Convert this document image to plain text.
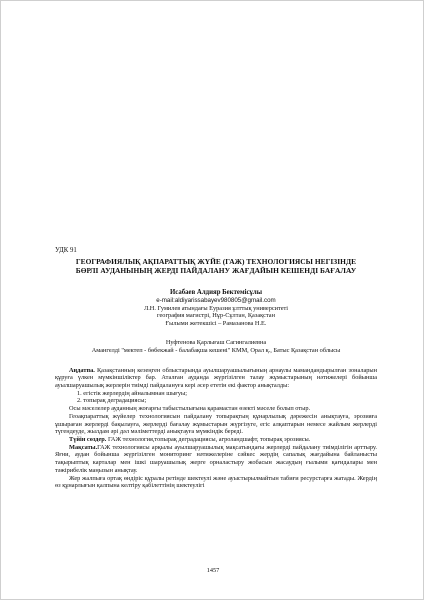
УДК 91
ГЕОГРАФИЯЛЫҚ АҚПАРАТТЫҚ ЖҮЙЕ (ГАЖ) ТЕХНОЛОГИЯСЫ НЕГІЗІНДЕ
БӨРЛІ АУДАНЫНЫҢ ЖЕРДІ ПАЙДАЛАНУ ЖАҒДАЙЫН КЕШЕНДІ БАҒАЛАУ
Исабаев Алдияр Бектемісұлы
e-mail:aldiyarissabayev980805@gmail.com
Л.Н. Гумилев атындағы Еуразия ұлттық университеті
география магистрі, Нұр-Сұлтан, Қазақстан
Ғылыми жетекшісі – Рамазанова Н.Е.
Нуфтенова Қарлығаш Сагингалиевна
Амангелді "мектеп - бөбекжай - балабақша кешені" КММ, Орал қ., Батыс Қазақстан облысы

Аңдатпа. Қазақстанның кезеңген облыстарында ауылшаруашылығының арнаулы мамандандырылған зоналарын құруға үлкен мүмкіншіліктер бар. Аталған ауданда жүргізілген талау жұмыстарының нәтижелері бойынша ауылшаруашылық жерлерін тиімді пайдалануға кері әсер ететін екі фактор анықталды:

1. егістік жерлердің айналымнан шығуы;
2. топырақ деградациясы;

Осы мәселелер ауданның жоғарғы табыстылығына қарамастан өзекті мәселе болып отыр.

Геоақпараттық жүйелер технологиясын пайдалану топырақтың құнарлылық дәрежесін анықтауға, эрозияға ұшыраған жерлерді бақылауға, жерлерді бағалау жұмыстарын жүргізуге, егіс алқаптарын немесе жайлым жерлерді түгендеуде, жылдам әрі дәл мәліметтерді анықтауға мүмкіндік береді.

Түйін сөздер. ГАЖ технология,топырақ деградациясы, агроландшафт, топырақ эрозиясы.

Мақсаты.ГАЖ технологиясы арқылы ауылшаруашылық мақсатындағы жерлерді пайдалану тиімділігін арттыру. Яғни, аудан бойынша жүргізілген мониторинг нәтижелеріне сәйкес жердің сапалық жағдайына байланысты тақырыптық карталар мен ішкі шаруашылық жерге орналастыру жобасын жасаудың ғылыми қағидалары мен тәжірибелік маңызын анықтау.

Жер жалпыға ортақ өндіріс құралы ретінде шектеулі және ауыстырылмайтын табиғи ресурстарға жатады. Жердің өз құнарлығын қалпына келтіру қабілеттінің шектеулігі

1457
